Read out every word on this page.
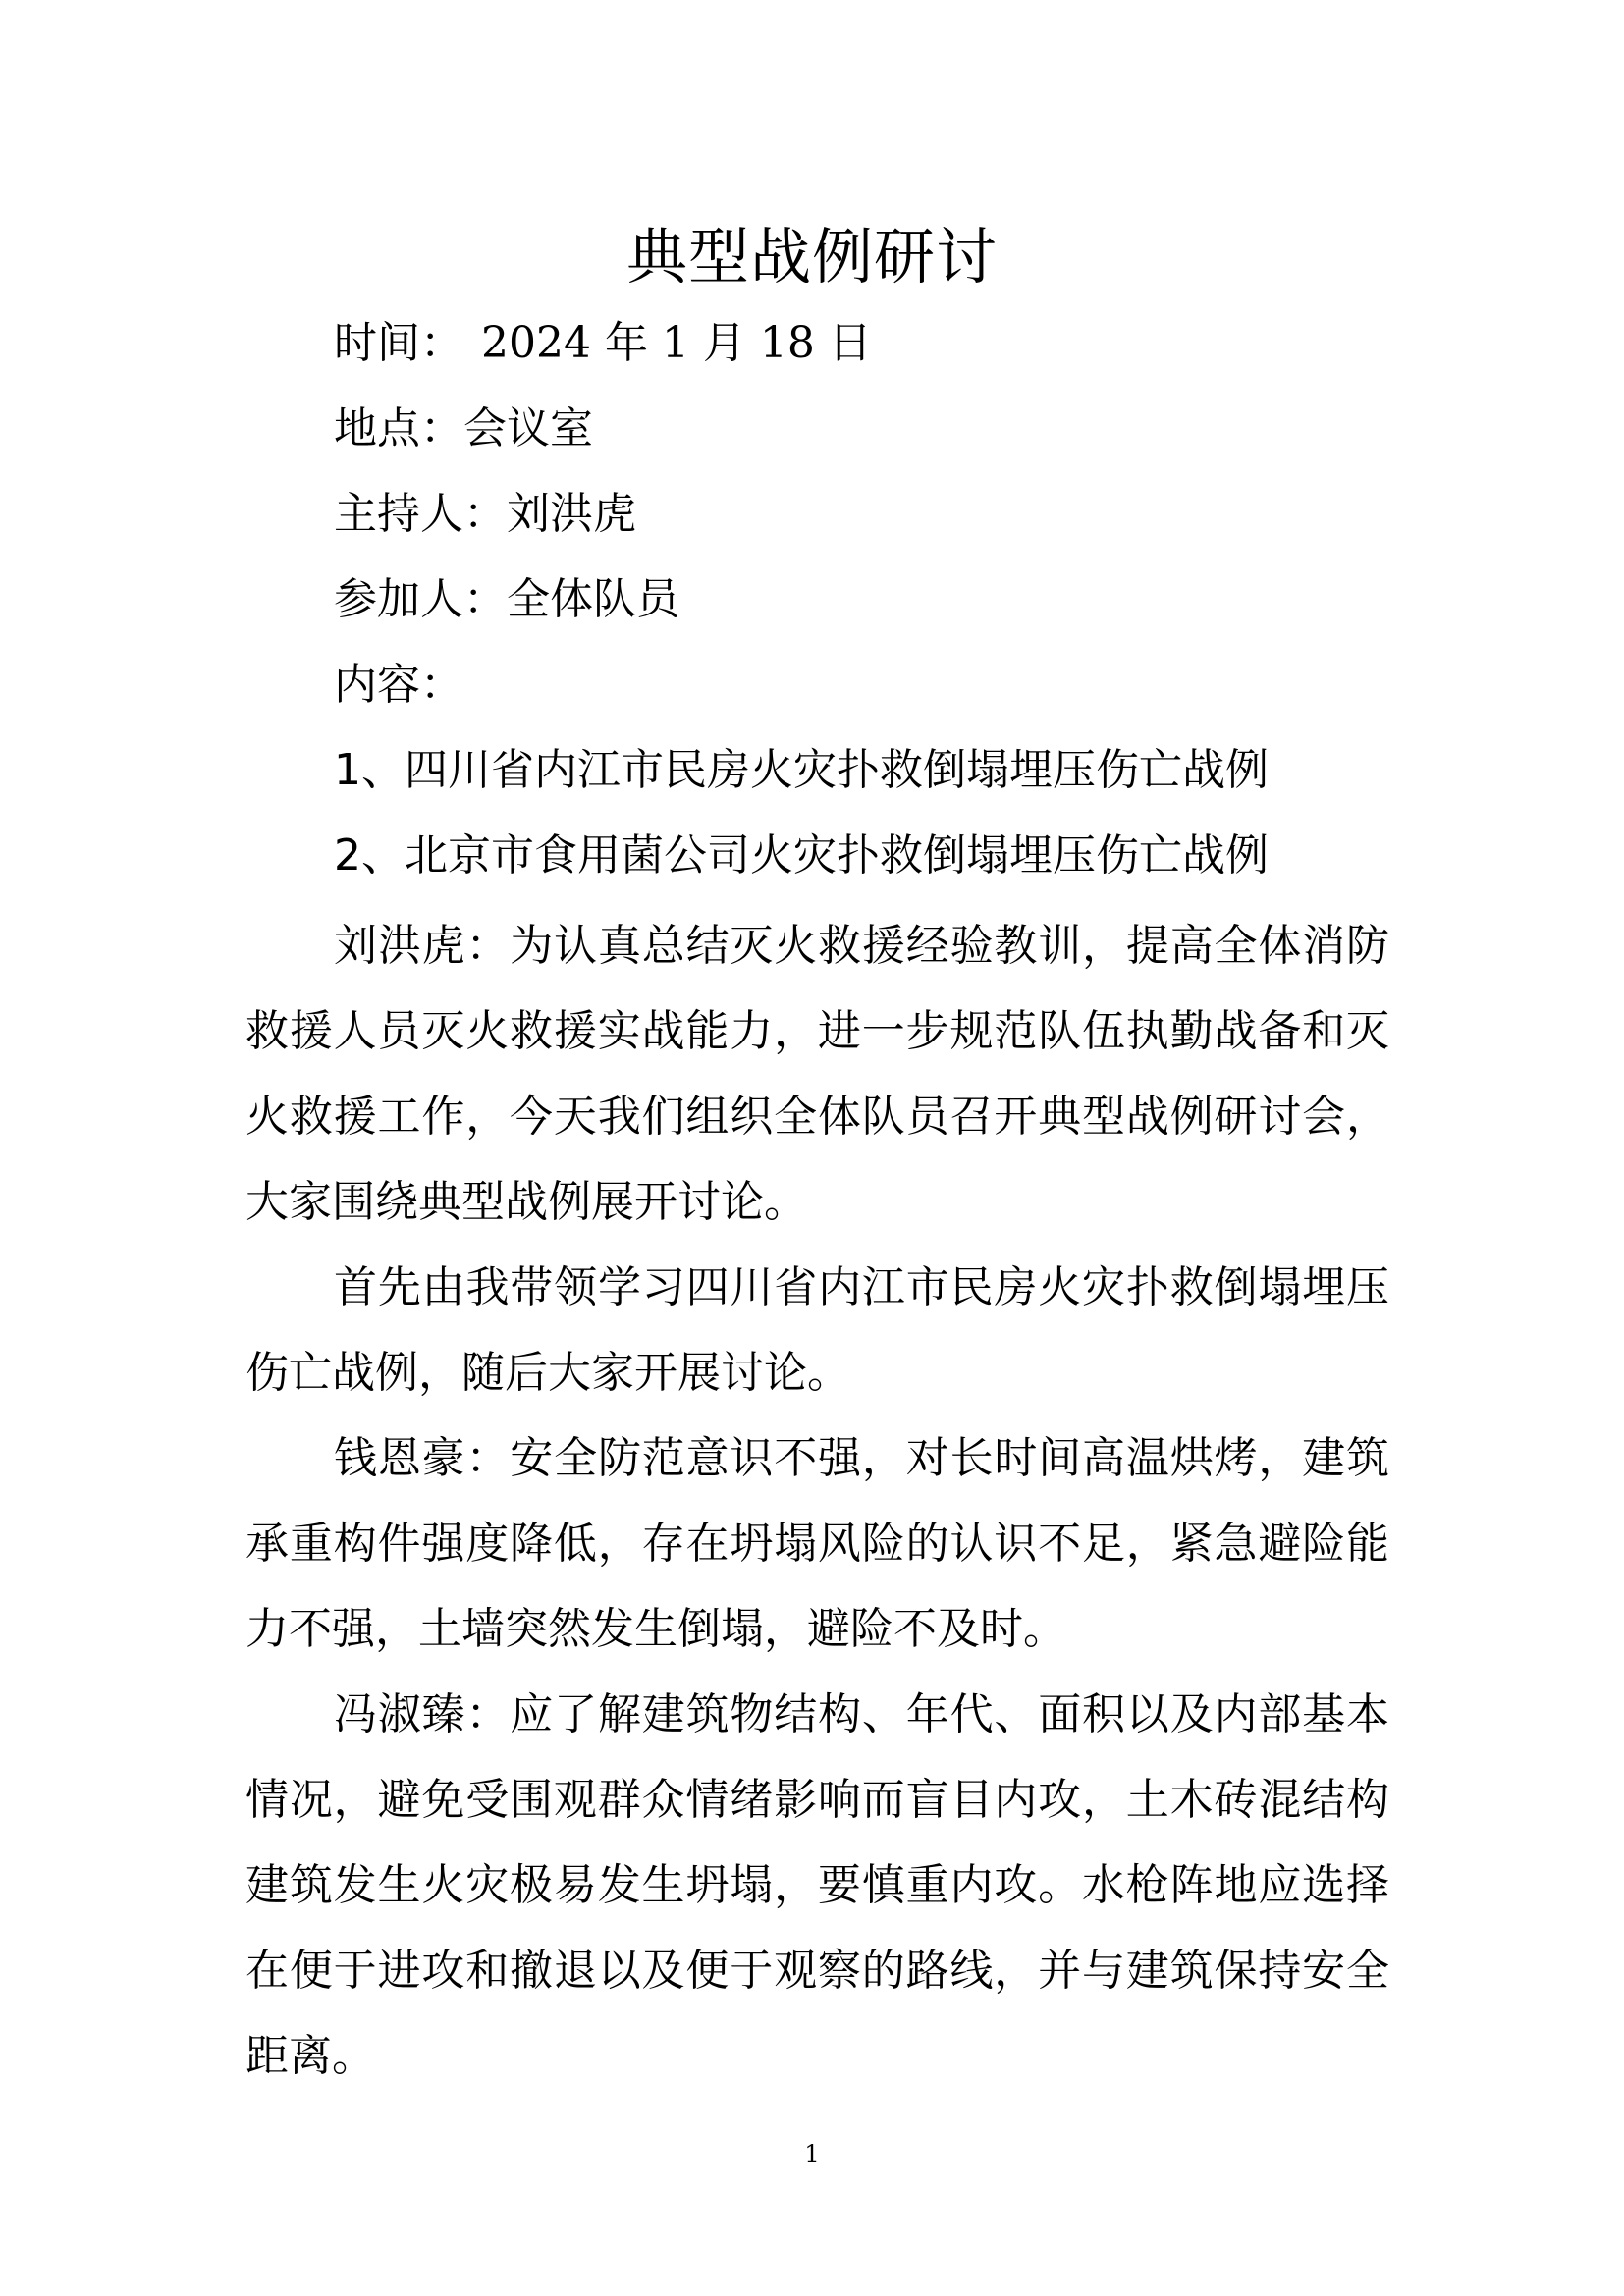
典型战例研讨
时间： 2024 年 1 月 18 日
地点：会议室
主持人：刘洪虎
参加人：全体队员
内容：
1、四川省内江市民房火灾扑救倒塌埋压伤亡战例
2、北京市食用菌公司火灾扑救倒塌埋压伤亡战例

刘洪虎：为认真总结灭火救援经验教训，提高全体消防救援人员灭火救援实战能力，进一步规范队伍执勤战备和灭火救援工作，今天我们组织全体队员召开典型战例研讨会，大家围绕典型战例展开讨论。

首先由我带领学习四川省内江市民房火灾扑救倒塌埋压伤亡战例，随后大家开展讨论。

钱恩豪：安全防范意识不强，对长时间高温烘烤，建筑承重构件强度降低，存在坍塌风险的认识不足，紧急避险能力不强，土墙突然发生倒塌，避险不及时。

冯淑臻：应了解建筑物结构、年代、面积以及内部基本情况，避免受围观群众情绪影响而盲目内攻，土木砖混结构建筑发生火灾极易发生坍塌，要慎重内攻。水枪阵地应选择在便于进攻和撤退以及便于观察的路线，并与建筑保持安全距离。

1
